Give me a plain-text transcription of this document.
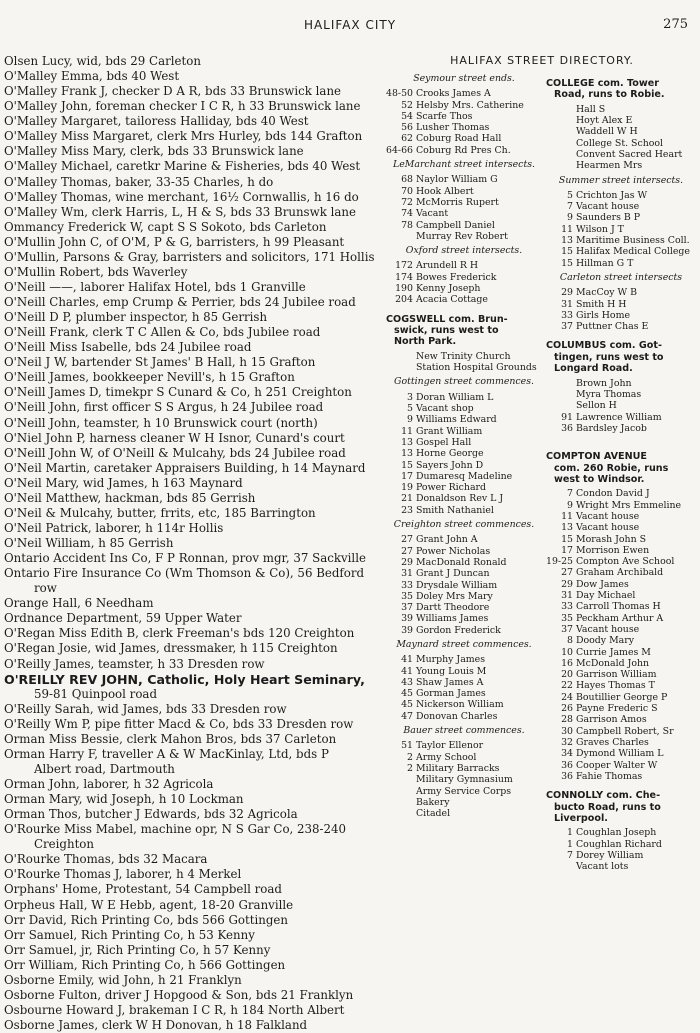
HALIFAX CITY	275
Olsen Lucy, wid, bds 29 Carleton
O'Malley Emma, bds 40 West
O'Malley Frank J, checker D A R, bds 33 Brunswick lane
O'Malley John, foreman checker I C R, h 33 Brunswick lane
O'Malley Margaret, tailoress Halliday, bds 40 West
O'Malley Miss Margaret, clerk Mrs Hurley, bds 144 Grafton
O'Malley Miss Mary, clerk, bds 33 Brunswick lane
O'Malley Michael, caretkr Marine & Fisheries, bds 40 West
O'Malley Thomas, baker, 33-35 Charles, h do
O'Malley Thomas, wine merchant, 16½ Cornwallis, h 16 do
O'Malley Wm, clerk Harris, L, H & S, bds 33 Brunswk lane
Ommancy Frederick W, capt S S Sokoto, bds Carleton
O'Mullin John C, of O'M, P & G, barristers, h 99 Pleasant
O'Mullin, Parsons & Gray, barristers and solicitors, 171 Hollis
O'Mullin Robert, bds Waverley
O'Neill ——, laborer Halifax Hotel, bds 1 Granville
O'Neill Charles, emp Crump & Perrier, bds 24 Jubilee road
O'Neill D P, plumber inspector, h 85 Gerrish
O'Neill Frank, clerk T C Allen & Co, bds Jubilee road
O'Neill Miss Isabelle, bds 24 Jubilee road
O'Neil J W, bartender St James' B Hall, h 15 Grafton
O'Neill James, bookkeeper Nevill's, h 15 Grafton
O'Neill James D, timekpr S Cunard & Co, h 251 Creighton
O'Neill John, first officer S S Argus, h 24 Jubilee road
O'Neill John, teamster, h 10 Brunswick court (north)
O'Niel John P, harness cleaner W H Isnor, Cunard's court
O'Neill John W, of O'Neill & Mulcahy, bds 24 Jubilee road
O'Neil Martin, caretaker Appraisers Building, h 14 Maynard
O'Neil Mary, wid James, h 163 Maynard
O'Neil Matthew, hackman, bds 85 Gerrish
O'Neil & Mulcahy, butter, frrits, etc, 185 Barrington
O'Neil Patrick, laborer, h 114r Hollis
O'Neil William, h 85 Gerrish
Ontario Accident Ins Co, F P Ronnan, prov mgr, 37 Sackville
Ontario Fire Insurance Co (Wm Thomson & Co), 56 Bedford
row
Orange Hall, 6 Needham
Ordnance Department, 59 Upper Water
O'Regan Miss Edith B, clerk Freeman's bds 120 Creighton
O'Regan Josie, wid James, dressmaker, h 115 Creighton
O'Reilly James, teamster, h 33 Dresden row
O'REILLY REV JOHN, Catholic, Holy Heart Seminary,
59-81 Quinpool road
O'Reilly Sarah, wid James, bds 33 Dresden row
O'Reilly Wm P, pipe fitter Macd & Co, bds 33 Dresden row
Orman Miss Bessie, clerk Mahon Bros, bds 37 Carleton
Orman Harry F, traveller A & W MacKinlay, Ltd, bds P
Albert road, Dartmouth
Orman John, laborer, h 32 Agricola
Orman Mary, wid Joseph, h 10 Lockman
Orman Thos, butcher J Edwards, bds 32 Agricola
O'Rourke Miss Mabel, machine opr, N S Gar Co, 238-240
Creighton
O'Rourke Thomas, bds 32 Macara
O'Rourke Thomas J, laborer, h 4 Merkel
Orphans' Home, Protestant, 54 Campbell road
Orpheus Hall, W E Hebb, agent, 18-20 Granville
Orr David, Rich Printing Co, bds 566 Gottingen
Orr Samuel, Rich Printing Co, h 53 Kenny
Orr Samuel, jr, Rich Printing Co, h 57 Kenny
Orr William, Rich Printing Co, h 566 Gottingen
Osborne Emily, wid John, h 21 Franklyn
Osborne Fulton, driver J Hopgood & Son, bds 21 Franklyn
Osbourne Howard J, brakeman I C R, h 184 North Albert
Osborne James, clerk W H Donovan, h 18 Falkland
HALIFAX STREET DIRECTORY.
Seymour street ends.
48-50 Crooks James A
52 Helsby Mrs. Catherine
54 Scarfe Thos
56 Lusher Thomas
62 Coburg Road Hall
64-66 Coburg Rd Pres Ch.
LeMarchant street intersects.
68 Naylor William G
70 Hook Albert
72 McMorris Rupert
74 Vacant
78 Campbell Daniel
Murray Rev Robert
Oxford street intersects.
172 Arundell R H
174 Bowes Frederick
190 Kenny Joseph
204 Acacia Cottage
COGSWELL com. Brun-

swick, runs west to
North Park.
New Trinity Church
Station Hospital Grounds
Gottingen street commences.
3 Doran William L
5 Vacant shop
9 Williams Edward
11 Grant William
13 Gospel Hall
13 Horne George
15 Sayers John D
17 Dumaresq Madeline
19 Power Richard
21 Donaldson Rev L J
23 Smith Nathaniel
Creighton street commences.
27 Grant John A
27 Power Nicholas
29 MacDonald Ronald
31 Grant J Duncan
33 Drysdale William
35 Doley Mrs Mary
37 Dartt Theodore
39 Williams James
39 Gordon Frederick
Maynard street commences.
41 Murphy James
41 Young Louis M
43 Shaw James A
45 Gorman James
45 Nickerson William
47 Donovan Charles
Bauer street commences.
51 Taylor Ellenor
2 Army School
2 Military Barracks
Military Gymnasium
Army Service Corps
Bakery
Citadel
COLLEGE com. Tower

Road, runs to Robie.
Hall S
Hoyt Alex E
Waddell W H
College St. School
Convent Sacred Heart
Hearmen Mrs
Summer street intersects.
5 Crichton Jas W
7 Vacant house
9 Saunders B P
11 Wilson J T
13 Maritime Business Coll.
15 Halifax Medical College
15 Hillman G T
Carleton street intersects
29 MacCoy W B
31 Smith H H
33 Girls Home
37 Puttner Chas E
COLUMBUS com. Got-

tingen, runs west to
Longard Road.
Brown John
Myra Thomas
Sellon H
91 Lawrence William
36 Bardsley Jacob
COMPTON AVENUE

com. 260 Robie, runs
west to Windsor.
7 Condon David J
9 Wright Mrs Emmeline
11 Vacant house
13 Vacant house
15 Morash John S
17 Morrison Ewen
19-25 Compton Ave School
27 Graham Archibald
29 Dow James
31 Day Michael
33 Carroll Thomas H
35 Peckham Arthur A
37 Vacant house
8 Doody Mary
10 Currie James M
16 McDonald John
20 Garrison William
22 Hayes Thomas T
24 Boutillier George P
26 Payne Frederic S
28 Garrison Amos
30 Campbell Robert, Sr
32 Graves Charles
34 Dymond William L
36 Cooper Walter W
36 Fahie Thomas
CONNOLLY com. Che-

bucto Road, runs to
Liverpool.
1 Coughlan Joseph
1 Coughlan Richard
7 Dorey William
Vacant lots
